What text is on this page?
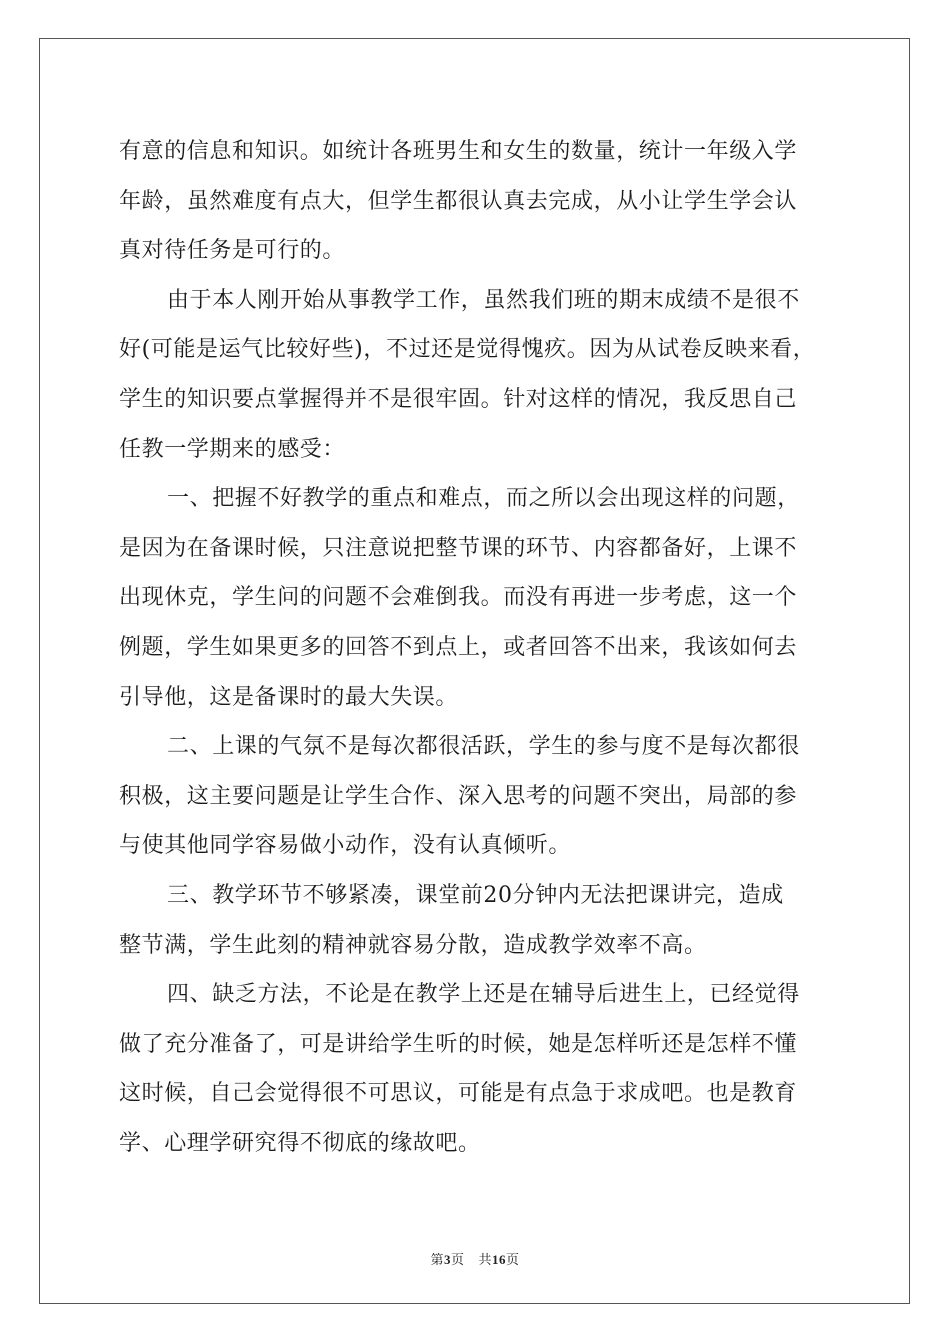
有意的信息和知识。如统计各班男生和女生的数量，统计一年级入学
年龄，虽然难度有点大，但学生都很认真去完成，从小让学生学会认
真对待任务是可行的。
由于本人刚开始从事教学工作，虽然我们班的期末成绩不是很不
好(可能是运气比较好些)，不过还是觉得愧疚。因为从试卷反映来看，
学生的知识要点掌握得并不是很牢固。针对这样的情况，我反思自己
任教一学期来的感受：
一、把握不好教学的重点和难点，而之所以会出现这样的问题，
是因为在备课时候，只注意说把整节课的环节、内容都备好，上课不
出现休克，学生问的问题不会难倒我。而没有再进一步考虑，这一个
例题，学生如果更多的回答不到点上，或者回答不出来，我该如何去
引导他，这是备课时的最大失误。
二、上课的气氛不是每次都很活跃，学生的参与度不是每次都很
积极，这主要问题是让学生合作、深入思考的问题不突出，局部的参
与使其他同学容易做小动作，没有认真倾听。
三、教学环节不够紧凑，课堂前20分钟内无法把课讲完，造成
整节满，学生此刻的精神就容易分散，造成教学效率不高。
四、缺乏方法，不论是在教学上还是在辅导后进生上，已经觉得
做了充分准备了，可是讲给学生听的时候，她是怎样听还是怎样不懂
这时候，自己会觉得很不可思议，可能是有点急于求成吧。也是教育
学、心理学研究得不彻底的缘故吧。
第3页 共16页
